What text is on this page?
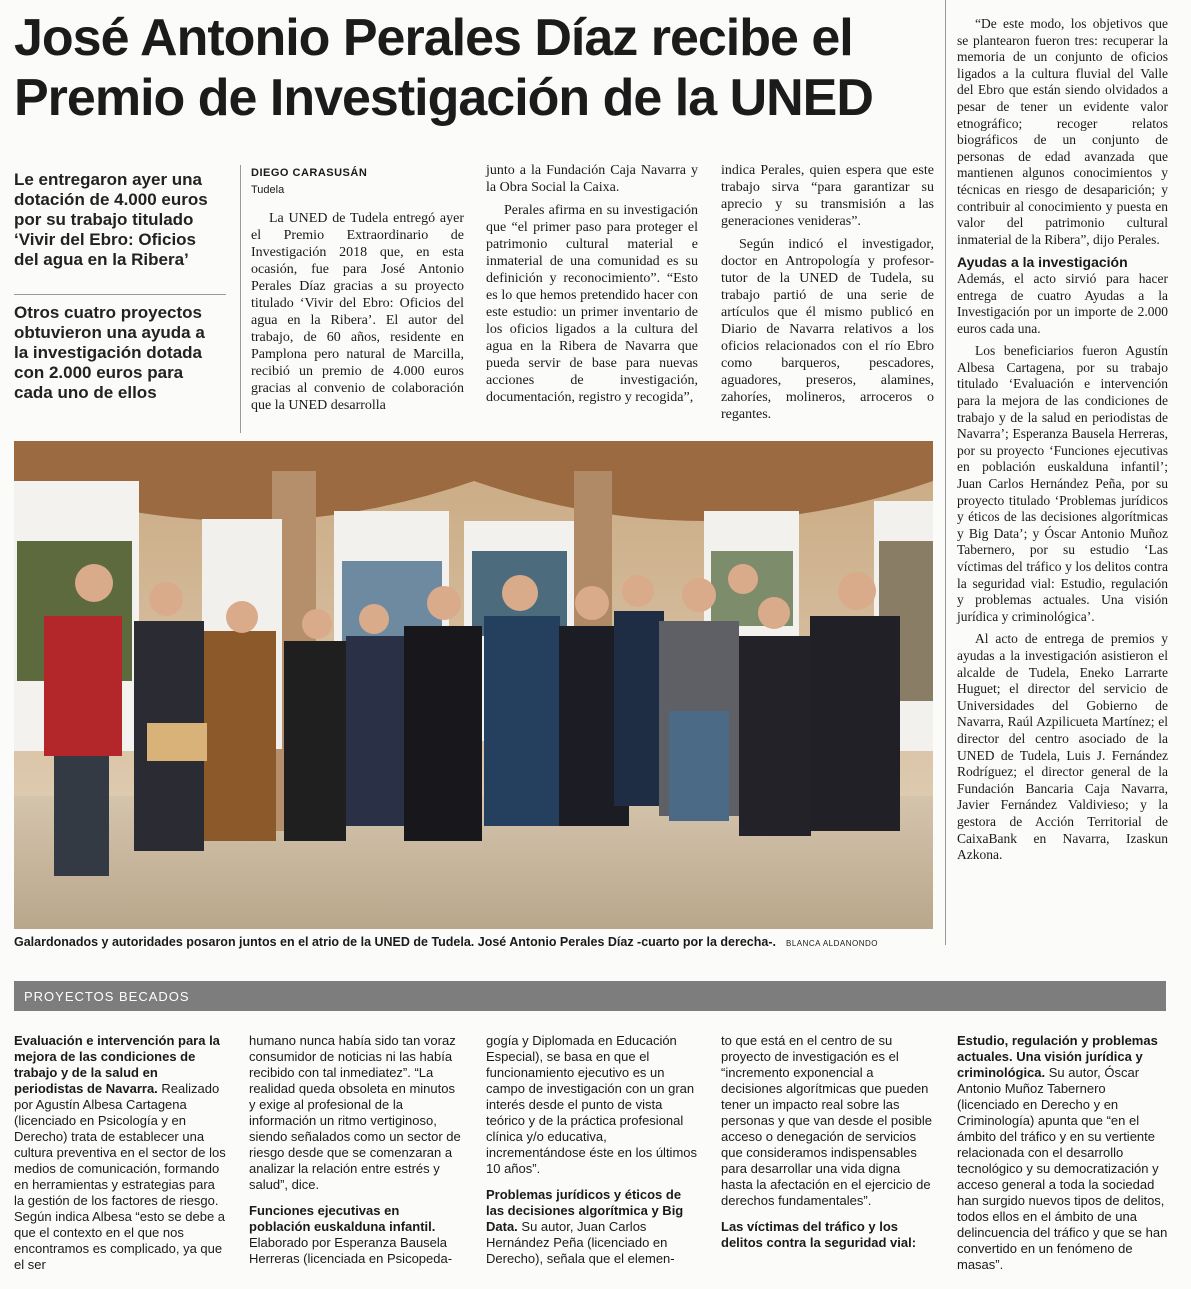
José Antonio Perales Díaz recibe el Premio de Investigación de la UNED
Le entregaron ayer una dotación de 4.000 euros por su trabajo titulado ‘Vivir del Ebro: Oficios del agua en la Ribera’
Otros cuatro proyectos obtuvieron una ayuda a la investigación dotada con 2.000 euros para cada uno de ellos
DIEGO CARASUSÁN
Tudela

La UNED de Tudela entregó ayer el Premio Extraordinario de Investigación 2018 que, en esta ocasión, fue para José Antonio Perales Díaz gracias a su proyecto titulado ‘Vivir del Ebro: Oficios del agua en la Ribera’. El autor del trabajo, de 60 años, residente en Pamplona pero natural de Marcilla, recibió un premio de 4.000 euros gracias al convenio de colaboración que la UNED desarrolla

junto a la Fundación Caja Navarra y la Obra Social la Caixa.

Perales afirma en su investigación que “el primer paso para proteger el patrimonio cultural material e inmaterial de una comunidad es su definición y reconocimiento”. “Esto es lo que hemos pretendido hacer con este estudio: un primer inventario de los oficios ligados a la cultura del agua en la Ribera de Navarra que pueda servir de base para nuevas acciones de investigación, documentación, registro y recogida”,

indica Perales, quien espera que este trabajo sirva “para garantizar su aprecio y su transmisión a las generaciones venideras”.

Según indicó el investigador, doctor en Antropología y profesor-tutor de la UNED de Tudela, su trabajo partió de una serie de artículos que él mismo publicó en Diario de Navarra relativos a los oficios relacionados con el río Ebro como barqueros, pescadores, aguadores, preseros, alamines, zahoríes, molineros, arroceros o regantes.

“De este modo, los objetivos que se plantearon fueron tres: recuperar la memoria de un conjunto de oficios ligados a la cultura fluvial del Valle del Ebro que están siendo olvidados a pesar de tener un evidente valor etnográfico; recoger relatos biográficos de un conjunto de personas de edad avanzada que mantienen algunos conocimientos y técnicas en riesgo de desaparición; y contribuir al conocimiento y puesta en valor del patrimonio cultural inmaterial de la Ribera”, dijo Perales.

Ayudas a la investigación

Además, el acto sirvió para hacer entrega de cuatro Ayudas a la Investigación por un importe de 2.000 euros cada una.

Los beneficiarios fueron Agustín Albesa Cartagena, por su trabajo titulado ‘Evaluación e intervención para la mejora de las condiciones de trabajo y de la salud en periodistas de Navarra’; Esperanza Bausela Herreras, por su proyecto ‘Funciones ejecutivas en población euskalduna infantil’; Juan Carlos Hernández Peña, por su proyecto titulado ‘Problemas jurídicos y éticos de las decisiones algorítmicas y Big Data’; y Óscar Antonio Muñoz Tabernero, por su estudio ‘Las víctimas del tráfico y los delitos contra la seguridad vial: Estudio, regulación y problemas actuales. Una visión jurídica y criminológica’.

Al acto de entrega de premios y ayudas a la investigación asistieron el alcalde de Tudela, Eneko Larrarte Huguet; el director del servicio de Universidades del Gobierno de Navarra, Raúl Azpilicueta Martínez; el director del centro asociado de la UNED de Tudela, Luis J. Fernández Rodríguez; el director general de la Fundación Bancaria Caja Navarra, Javier Fernández Valdivieso; y la gestora de Acción Territorial de CaixaBank en Navarra, Izaskun Azkona.

Galardonados y autoridades posaron juntos en el atrio de la UNED de Tudela. José Antonio Perales Díaz -cuarto por la derecha-. BLANCA ALDANONDO
PROYECTOS BECADOS

Evaluación e intervención para la mejora de las condiciones de trabajo y de la salud en periodistas de Navarra. Realizado por Agustín Albesa Cartagena (licenciado en Psicología y en Derecho) trata de establecer una cultura preventiva en el sector de los medios de comunicación, formando en herramientas y estrategias para la gestión de los factores de riesgo. Según indica Albesa “esto se debe a que el contexto en el que nos encontramos es complicado, ya que el ser

humano nunca había sido tan voraz consumidor de noticias ni las había recibido con tal inmediatez”. “La realidad queda obsoleta en minutos y exige al profesional de la información un ritmo vertiginoso, siendo señalados como un sector de riesgo desde que se comenzaran a analizar la relación entre estrés y salud”, dice.

Funciones ejecutivas en población euskalduna infantil. Elaborado por Esperanza Bausela Herreras (licenciada en Psicopeda-

gogía y Diplomada en Educación Especial), se basa en que el funcionamiento ejecutivo es un campo de investigación con un gran interés desde el punto de vista teórico y de la práctica profesional clínica y/o educativa, incrementándose éste en los últimos 10 años”.

Problemas jurídicos y éticos de las decisiones algorítmica y Big Data. Su autor, Juan Carlos Hernández Peña (licenciado en Derecho), señala que el elemen-

to que está en el centro de su proyecto de investigación es el “incremento exponencial a decisiones algorítmicas que pueden tener un impacto real sobre las personas y que van desde el posible acceso o denegación de servicios que consideramos indispensables para desarrollar una vida digna hasta la afectación en el ejercicio de derechos fundamentales”.

Las víctimas del tráfico y los delitos contra la seguridad vial:

Estudio, regulación y problemas actuales. Una visión jurídica y criminológica. Su autor, Óscar Antonio Muñoz Tabernero (licenciado en Derecho y en Criminología) apunta que “en el ámbito del tráfico y en su vertiente relacionada con el desarrollo tecnológico y su democratización y acceso general a toda la sociedad han surgido nuevos tipos de delitos, todos ellos en el ámbito de una delincuencia del tráfico y que se han convertido en un fenómeno de masas”.
